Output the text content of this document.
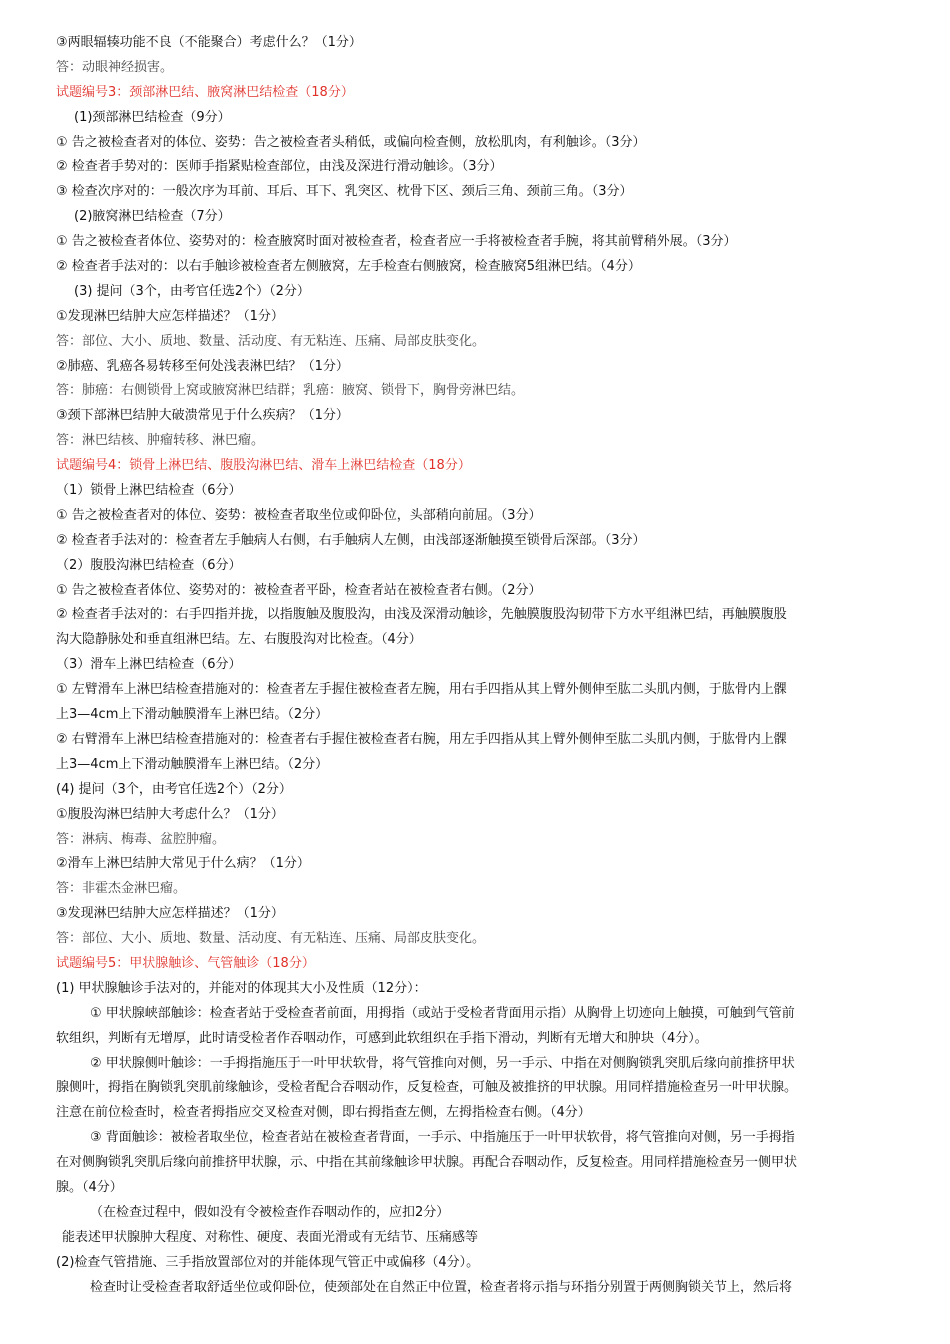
③两眼辐辏功能不良（不能聚合）考虑什么？（1分）
答：动眼神经损害。
试题编号3：颈部淋巴结、腋窝淋巴结检查（18分）
(1)颈部淋巴结检查（9分）
① 告之被检查者对的体位、姿势：告之被检查者头稍低，或偏向检查侧，放松肌肉，有利触诊。（3分）
② 检查者手势对的：医师手指紧贴检查部位，由浅及深进行滑动触诊。（3分）
③ 检查次序对的：一般次序为耳前、耳后、耳下、乳突区、枕骨下区、颈后三角、颈前三角。（3分）
(2)腋窝淋巴结检查（7分）
① 告之被检查者体位、姿势对的：检查腋窝时面对被检查者，检查者应一手将被检查者手腕，将其前臂稍外展。（3分）
② 检查者手法对的：以右手触诊被检查者左侧腋窝，左手检查右侧腋窝，检查腋窝5组淋巴结。（4分）
(3) 提问（3个，由考官任选2个）（2分）
①发现淋巴结肿大应怎样描述？（1分）
答：部位、大小、质地、数量、活动度、有无粘连、压痛、局部皮肤变化。
②肺癌、乳癌各易转移至何处浅表淋巴结？（1分）
答：肺癌：右侧锁骨上窝或腋窝淋巴结群；乳癌：腋窝、锁骨下，胸骨旁淋巴结。
③颈下部淋巴结肿大破溃常见于什么疾病？（1分）
答：淋巴结核、肿瘤转移、淋巴瘤。
试题编号4：锁骨上淋巴结、腹股沟淋巴结、滑车上淋巴结检查（18分）
（1）锁骨上淋巴结检查（6分）
① 告之被检查者对的体位、姿势：被检查者取坐位或仰卧位，头部稍向前屈。（3分）
② 检查者手法对的：检查者左手触病人右侧，右手触病人左侧，由浅部逐渐触摸至锁骨后深部。（3分）
（2）腹股沟淋巴结检查（6分）
① 告之被检查者体位、姿势对的：被检查者平卧，检查者站在被检查者右侧。（2分）
② 检查者手法对的：右手四指并拢，以指腹触及腹股沟，由浅及深滑动触诊，先触膜腹股沟韧带下方水平组淋巴结，再触膜腹股
沟大隐静脉处和垂直组淋巴结。左、右腹股沟对比检查。（4分）
（3）滑车上淋巴结检查（6分）
① 左臂滑车上淋巴结检查措施对的：检查者左手握住被检查者左腕，用右手四指从其上臂外侧伸至肱二头肌内侧，于肱骨内上髁
上3—4cm上下滑动触膜滑车上淋巴结。（2分）
② 右臂滑车上淋巴结检查措施对的：检查者右手握住被检查者右腕，用左手四指从其上臂外侧伸至肱二头肌内侧，于肱骨内上髁
上3—4cm上下滑动触膜滑车上淋巴结。（2分）
(4) 提问（3个，由考官任选2个）（2分）
①腹股沟淋巴结肿大考虑什么？（1分）
答：淋病、梅毒、盆腔肿瘤。
②滑车上淋巴结肿大常见于什么病？（1分）
答：非霍杰金淋巴瘤。
③发现淋巴结肿大应怎样描述？（1分）
答：部位、大小、质地、数量、活动度、有无粘连、压痛、局部皮肤变化。
试题编号5：甲状腺触诊、气管触诊（18分）
(1) 甲状腺触诊手法对的，并能对的体现其大小及性质（12分）：
① 甲状腺峡部触诊：检查者站于受检查者前面，用拇指（或站于受检者背面用示指）从胸骨上切迹向上触摸，可触到气管前
软组织，判断有无增厚，此时请受检者作吞咽动作，可感到此软组织在手指下滑动，判断有无增大和肿块（4分）。
② 甲状腺侧叶触诊：一手拇指施压于一叶甲状软骨，将气管推向对侧，另一手示、中指在对侧胸锁乳突肌后缘向前推挤甲状
腺侧叶，拇指在胸锁乳突肌前缘触诊，受检者配合吞咽动作，反复检查，可触及被推挤的甲状腺。用同样措施检查另一叶甲状腺。
注意在前位检查时，检查者拇指应交叉检查对侧，即右拇指查左侧，左拇指检查右侧。（4分）
③ 背面触诊：被检者取坐位，检查者站在被检查者背面，一手示、中指施压于一叶甲状软骨，将气管推向对侧，另一手拇指
在对侧胸锁乳突肌后缘向前推挤甲状腺，示、中指在其前缘触诊甲状腺。再配合吞咽动作，反复检查。用同样措施检查另一侧甲状
腺。（4分）
（在检查过程中，假如没有令被检查作吞咽动作的，应扣2分）
能表述甲状腺肿大程度、对称性、硬度、表面光滑或有无结节、压痛感等
(2)检查气管措施、三手指放置部位对的并能体现气管正中或偏移（4分）。
检查时让受检查者取舒适坐位或仰卧位，使颈部处在自然正中位置，检查者将示指与环指分别置于两侧胸锁关节上，然后将
